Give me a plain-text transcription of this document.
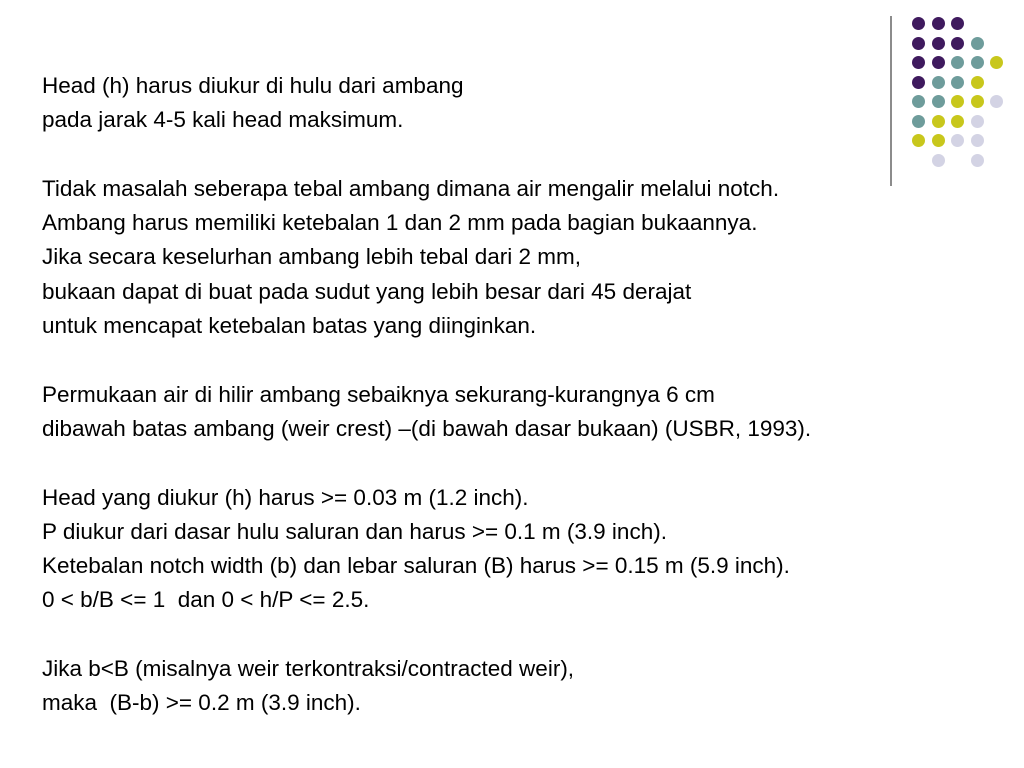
Head (h) harus diukur di hulu dari ambang
pada jarak 4-5 kali head maksimum.
Tidak masalah seberapa tebal ambang dimana air mengalir melalui notch.
Ambang harus memiliki ketebalan 1 dan 2 mm pada bagian bukaannya.
Jika secara keselurhan ambang lebih tebal dari 2 mm,
bukaan dapat di buat pada sudut yang lebih besar dari 45 derajat
untuk mencapat ketebalan batas yang diinginkan.
Permukaan air di hilir ambang sebaiknya sekurang-kurangnya 6 cm
dibawah batas ambang (weir crest) –(di bawah dasar bukaan) (USBR, 1993).
Head yang diukur (h) harus >= 0.03 m (1.2 inch).
P diukur dari dasar hulu saluran dan harus >= 0.1 m (3.9 inch).
Ketebalan notch width (b) dan lebar saluran (B) harus >= 0.15 m (5.9 inch).
0 < b/B <= 1  dan 0 < h/P <= 2.5.
Jika b<B (misalnya weir terkontraksi/contracted weir),
maka  (B-b) >= 0.2 m (3.9 inch).
